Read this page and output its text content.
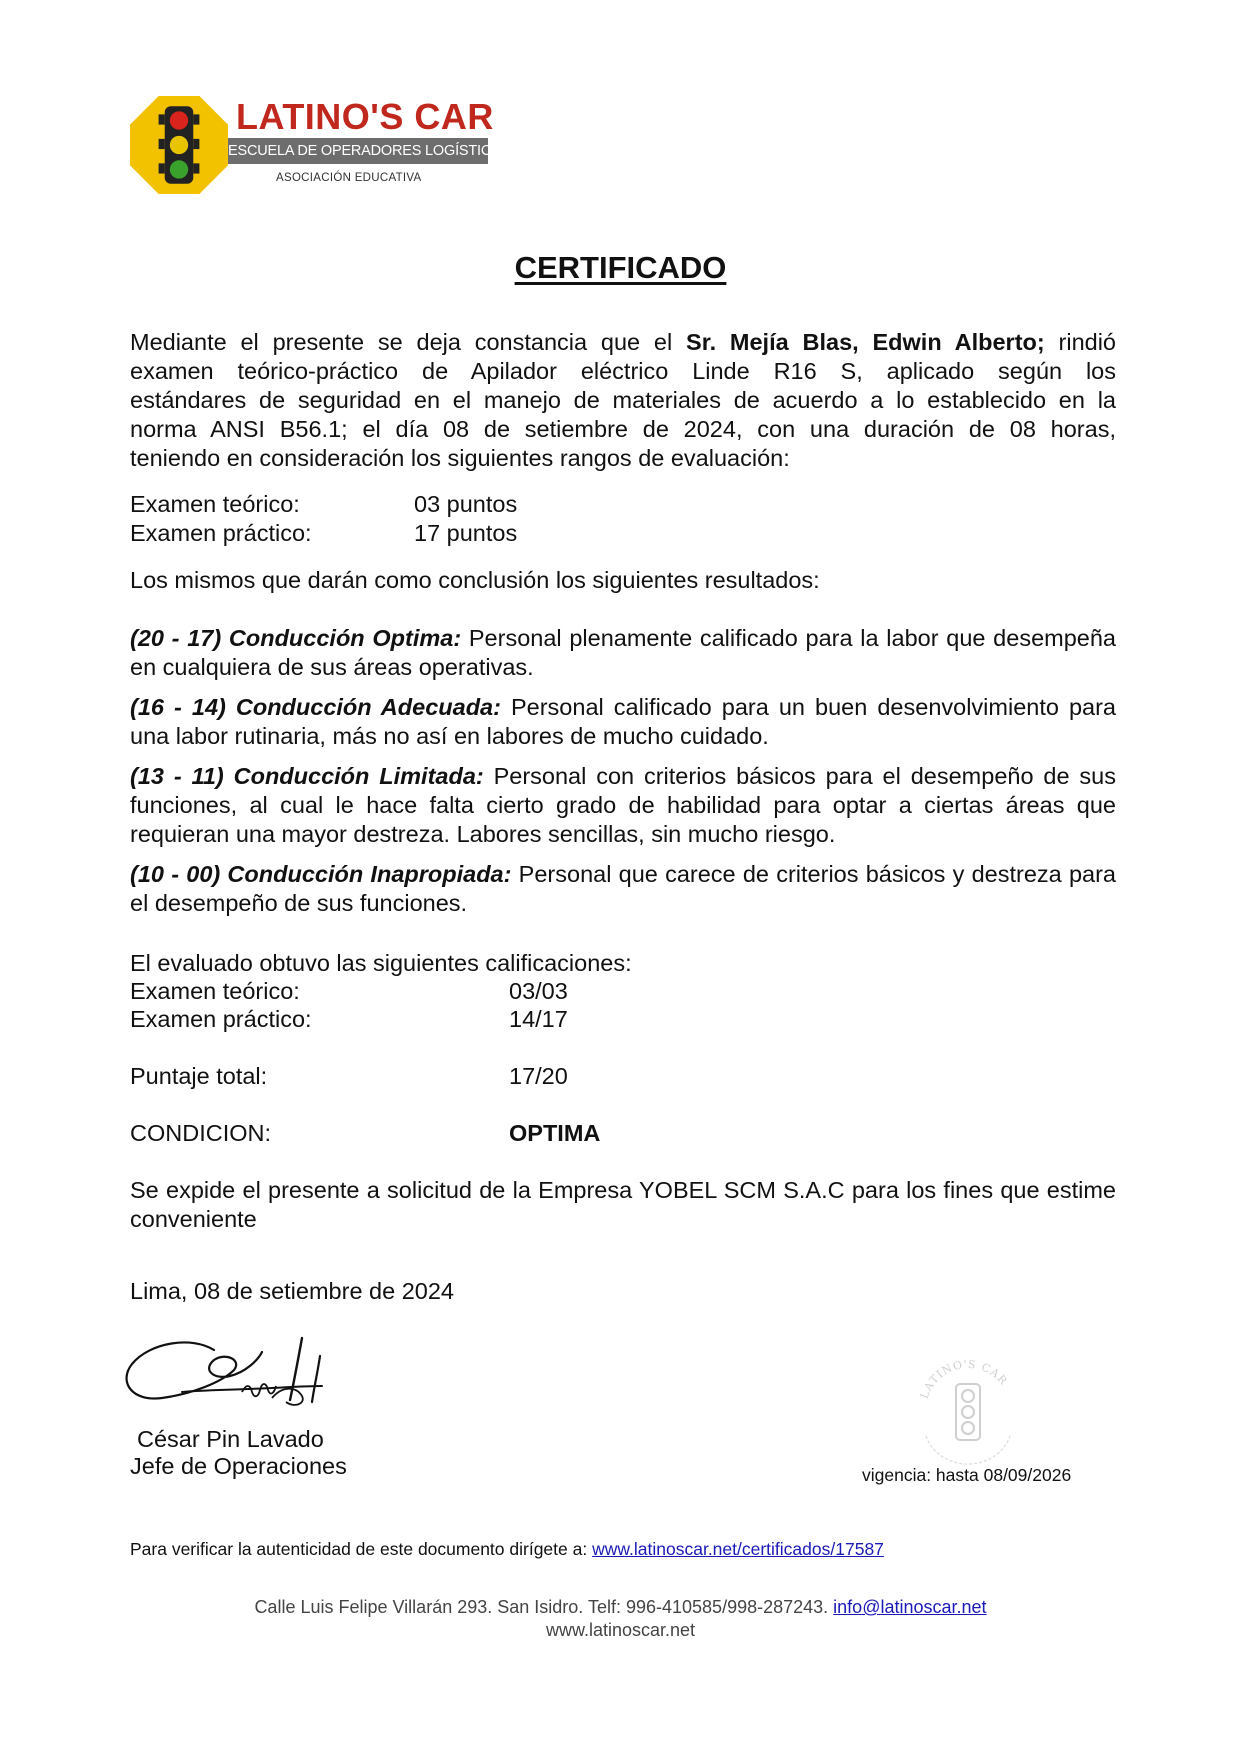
LATINO'S CAR
ESCUELA DE OPERADORES LOGÍSTICOS
ASOCIACIÓN EDUCATIVA
CERTIFICADO
Mediante el presente se deja constancia que el Sr. Mejía Blas, Edwin Alberto; rindió
examen teórico-práctico de Apilador eléctrico Linde R16 S, aplicado según los
estándares de seguridad en el manejo de materiales de acuerdo a lo establecido en la
norma ANSI B56.1; el día 08 de setiembre de 2024, con una duración de 08 horas,
teniendo en consideración los siguientes rangos de evaluación:
Examen teórico:	03 puntos
Examen práctico:	17 puntos
Los mismos que darán como conclusión los siguientes resultados:
(20 - 17) Conducción Optima: Personal plenamente calificado para la labor que desempeña en cualquiera de sus áreas operativas.
(16 - 14) Conducción Adecuada: Personal calificado para un buen desenvolvimiento para una labor rutinaria, más no así en labores de mucho cuidado.
(13 - 11) Conducción Limitada: Personal con criterios básicos para el desempeño de sus funciones, al cual le hace falta cierto grado de habilidad para optar a ciertas áreas que requieran una mayor destreza. Labores sencillas, sin mucho riesgo.
(10 - 00) Conducción Inapropiada: Personal que carece de criterios básicos y destreza para el desempeño de sus funciones.
El evaluado obtuvo las siguientes calificaciones:
Examen teórico:	03/03
Examen práctico:	14/17
Puntaje total:	17/20
CONDICION:	OPTIMA
Se expide el presente a solicitud de la Empresa YOBEL SCM S.A.C para los fines que estime conveniente
Lima, 08 de setiembre de 2024
César Pin Lavado
Jefe de Operaciones
LATINO'S CAR
vigencia: hasta 08/09/2026
Para verificar la autenticidad de este documento dirígete a: www.latinoscar.net/certificados/17587
Calle Luis Felipe Villarán 293. San Isidro. Telf: 996-410585/998-287243. info@latinoscar.net
www.latinoscar.net
